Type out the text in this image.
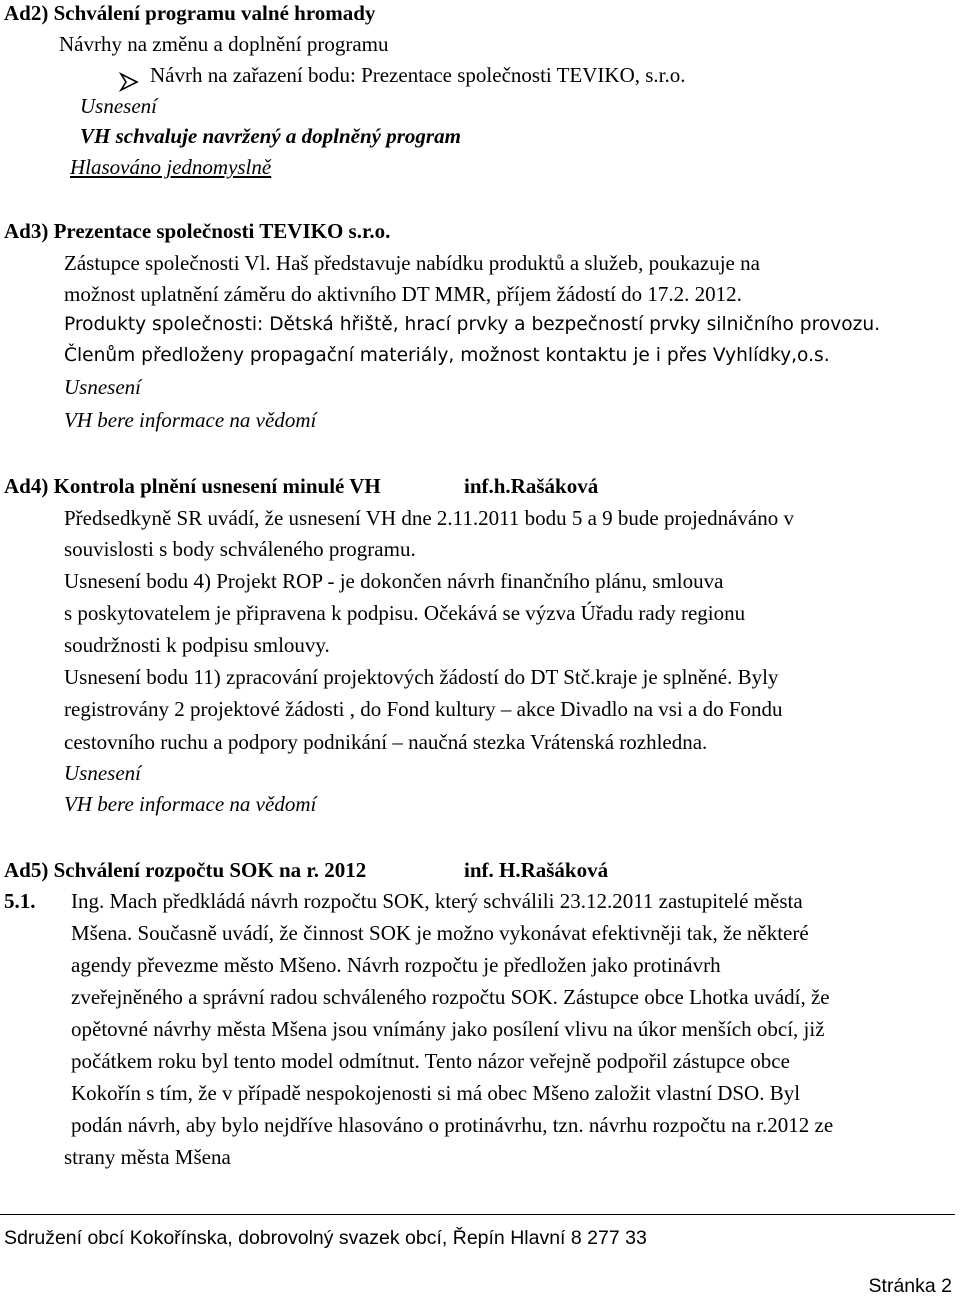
Ad2) Schválení programu valné hromady
Návrhy na změnu a doplnění programu
Návrh na zařazení bodu: Prezentace společnosti TEVIKO, s.r.o.
Usnesení
VH schvaluje navržený a doplněný program
Hlasováno jednomyslně
Ad3) Prezentace společnosti TEVIKO s.r.o.
Zástupce společnosti Vl. Haš představuje nabídku produktů a služeb, poukazuje na
možnost uplatnění záměru do aktivního DT MMR, příjem žádostí do 17.2. 2012.
Produkty společnosti: Dětská hřiště, hrací prvky a bezpečností prvky silničního provozu.
Členům předloženy propagační materiály, možnost kontaktu je i přes Vyhlídky,o.s.
Usnesení
VH bere informace na vědomí
Ad4) Kontrola plnění usnesení minulé VH	inf.h.Rašáková
Předsedkyně SR uvádí, že usnesení VH dne 2.11.2011 bodu 5 a 9 bude projednáváno v
souvislosti s body schváleného programu.
Usnesení bodu 4) Projekt ROP - je dokončen návrh finančního plánu, smlouva
s poskytovatelem je připravena k podpisu. Očekává se výzva Úřadu rady regionu
soudržnosti k podpisu smlouvy.
Usnesení bodu 11) zpracování projektových žádostí do DT Stč.kraje je splněné. Byly
registrovány 2 projektové žádosti , do Fond kultury – akce Divadlo na vsi a do Fondu
cestovního ruchu a podpory podnikání – naučná stezka Vrátenská rozhledna.
Usnesení
VH bere informace na vědomí
Ad5) Schválení rozpočtu SOK na r. 2012	inf. H.Rašáková
5.1. Ing. Mach předkládá návrh rozpočtu SOK, který schválili 23.12.2011 zastupitelé města
Mšena. Současně uvádí, že činnost SOK je možno vykonávat efektivněji tak, že některé
agendy převezme město Mšeno. Návrh rozpočtu je předložen jako protinávrh
zveřejněného a správní radou schváleného rozpočtu SOK. Zástupce obce Lhotka uvádí, že
opětovné návrhy města Mšena jsou vnímány jako posílení vlivu na úkor menších obcí, již
počátkem roku byl tento model odmítnut. Tento názor veřejně podpořil zástupce obce
Kokořín s tím, že v případě nespokojenosti si má obec Mšeno založit vlastní DSO. Byl
podán návrh, aby bylo nejdříve hlasováno o protinávrhu, tzn. návrhu rozpočtu na r.2012 ze
strany města Mšena
Sdružení obcí Kokořínska, dobrovolný svazek obcí, Řepín Hlavní 8 277 33
Stránka 2
